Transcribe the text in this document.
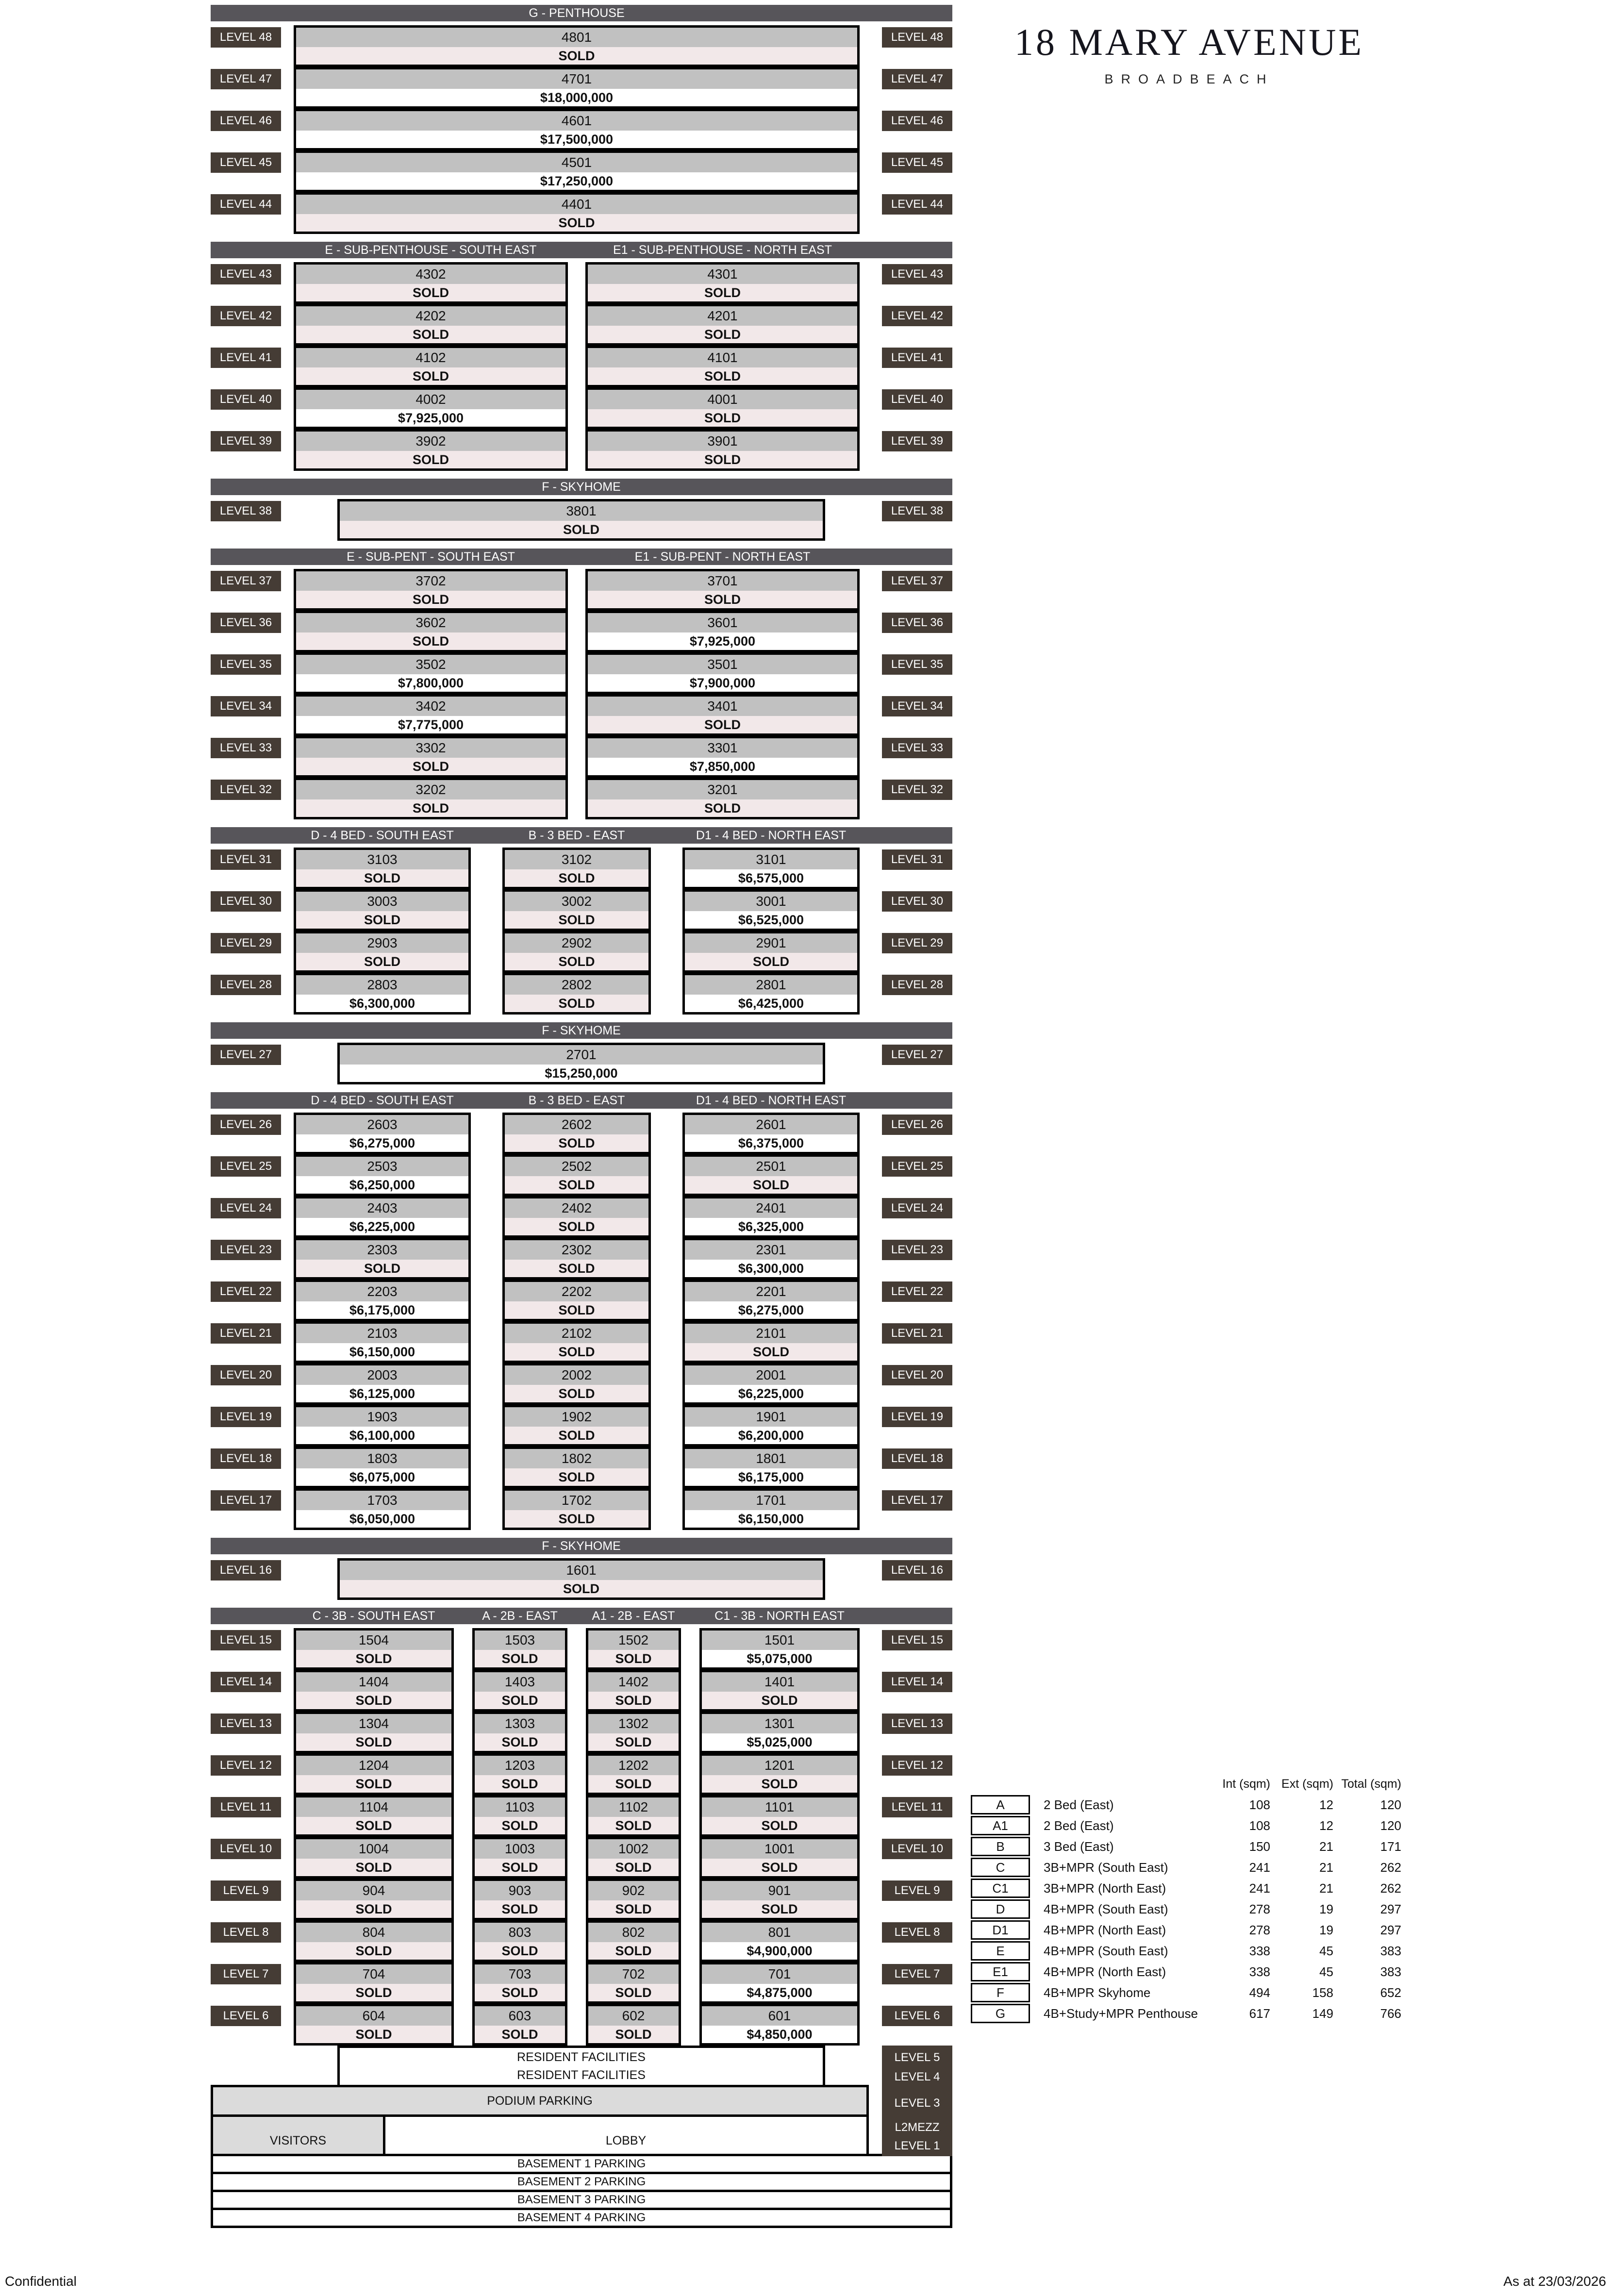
18 MARY AVENUE
BROADBEACH
G - PENTHOUSE
LEVEL 48	4801
SOLD
LEVEL 48
LEVEL 47	4701
$18,000,000
LEVEL 47
LEVEL 46	4601
$17,500,000
LEVEL 46
LEVEL 45	4501
$17,250,000
LEVEL 45
LEVEL 44	4401
SOLD
LEVEL 44
E - SUB-PENTHOUSE - SOUTH EAST	E1 - SUB-PENTHOUSE - NORTH EAST
LEVEL 43	4302
SOLD
4301
SOLD
LEVEL 43
LEVEL 42	4202
SOLD
4201
SOLD
LEVEL 42
LEVEL 41	4102
SOLD
4101
SOLD
LEVEL 41
LEVEL 40	4002
$7,925,000
4001
SOLD
LEVEL 40
LEVEL 39	3902
SOLD
3901
SOLD
LEVEL 39
F - SKYHOME
LEVEL 38	3801
SOLD
LEVEL 38
E - SUB-PENT - SOUTH EAST	E1 - SUB-PENT - NORTH EAST
LEVEL 37	3702
SOLD
3701
SOLD
LEVEL 37
LEVEL 36	3602
SOLD
3601
$7,925,000
LEVEL 36
LEVEL 35	3502
$7,800,000
3501
$7,900,000
LEVEL 35
LEVEL 34	3402
$7,775,000
3401
SOLD
LEVEL 34
LEVEL 33	3302
SOLD
3301
$7,850,000
LEVEL 33
LEVEL 32	3202
SOLD
3201
SOLD
LEVEL 32
D - 4 BED - SOUTH EAST	B - 3 BED - EAST	D1 - 4 BED - NORTH EAST
LEVEL 31	3103
SOLD
3102
SOLD
3101
$6,575,000
LEVEL 31
LEVEL 30	3003
SOLD
3002
SOLD
3001
$6,525,000
LEVEL 30
LEVEL 29	2903
SOLD
2902
SOLD
2901
SOLD
LEVEL 29
LEVEL 28	2803
$6,300,000
2802
SOLD
2801
$6,425,000
LEVEL 28
F - SKYHOME
LEVEL 27	2701
$15,250,000
LEVEL 27
D - 4 BED - SOUTH EAST	B - 3 BED - EAST	D1 - 4 BED - NORTH EAST
LEVEL 26	2603
$6,275,000
2602
SOLD
2601
$6,375,000
LEVEL 26
LEVEL 25	2503
$6,250,000
2502
SOLD
2501
SOLD
LEVEL 25
LEVEL 24	2403
$6,225,000
2402
SOLD
2401
$6,325,000
LEVEL 24
LEVEL 23	2303
SOLD
2302
SOLD
2301
$6,300,000
LEVEL 23
LEVEL 22	2203
$6,175,000
2202
SOLD
2201
$6,275,000
LEVEL 22
LEVEL 21	2103
$6,150,000
2102
SOLD
2101
SOLD
LEVEL 21
LEVEL 20	2003
$6,125,000
2002
SOLD
2001
$6,225,000
LEVEL 20
LEVEL 19	1903
$6,100,000
1902
SOLD
1901
$6,200,000
LEVEL 19
LEVEL 18	1803
$6,075,000
1802
SOLD
1801
$6,175,000
LEVEL 18
LEVEL 17	1703
$6,050,000
1702
SOLD
1701
$6,150,000
LEVEL 17
F - SKYHOME
LEVEL 16	1601
SOLD
LEVEL 16
C - 3B - SOUTH EAST	A - 2B - EAST	A1 - 2B - EAST	C1 - 3B - NORTH EAST
LEVEL 15	1504
SOLD
1503
SOLD
1502
SOLD
1501
$5,075,000
LEVEL 15
LEVEL 14	1404
SOLD
1403
SOLD
1402
SOLD
1401
SOLD
LEVEL 14
LEVEL 13	1304
SOLD
1303
SOLD
1302
SOLD
1301
$5,025,000
LEVEL 13
LEVEL 12	1204
SOLD
1203
SOLD
1202
SOLD
1201
SOLD
LEVEL 12
LEVEL 11	1104
SOLD
1103
SOLD
1102
SOLD
1101
SOLD
LEVEL 11
LEVEL 10	1004
SOLD
1003
SOLD
1002
SOLD
1001
SOLD
LEVEL 10
LEVEL 9	904
SOLD
903
SOLD
902
SOLD
901
SOLD
LEVEL 9
LEVEL 8	804
SOLD
803
SOLD
802
SOLD
801
$4,900,000
LEVEL 8
LEVEL 7	704
SOLD
703
SOLD
702
SOLD
701
$4,875,000
LEVEL 7
LEVEL 6	604
SOLD
603
SOLD
602
SOLD
601
$4,850,000
LEVEL 6
RESIDENT FACILITIES
RESIDENT FACILITIES
PODIUM PARKING
VISITORS	LOBBY
BASEMENT 1 PARKING
BASEMENT 2 PARKING
BASEMENT 3 PARKING
BASEMENT 4 PARKING
LEVEL 5
LEVEL 4
LEVEL 3
L2MEZZ
LEVEL 1
Int (sqm) Ext (sqm) Total (sqm)
A	2 Bed (East)	108	12	120
A1	2 Bed (East)	108	12	120
B	3 Bed (East)	150	21	171
C	3B+MPR (South East)	241	21	262
C1	3B+MPR (North East)	241	21	262
D	4B+MPR (South East)	278	19	297
D1	4B+MPR (North East)	278	19	297
E	4B+MPR (South East)	338	45	383
E1	4B+MPR (North East)	338	45	383
F	4B+MPR Skyhome	494	158	652
G	4B+Study+MPR Penthouse	617	149	766
Confidential	As at 23/03/2026
